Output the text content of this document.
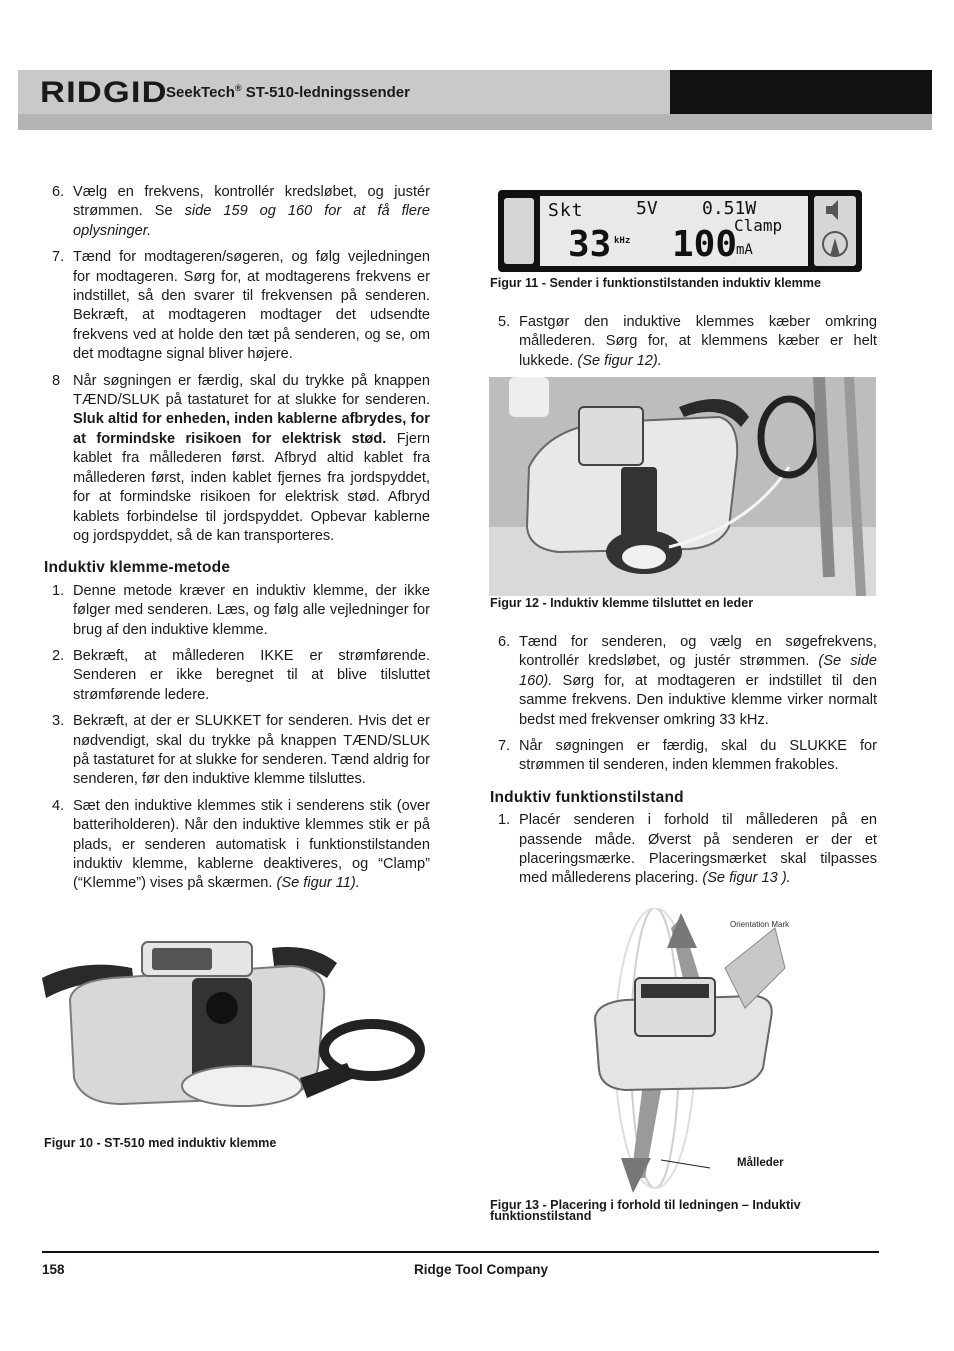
RIDGID
SeekTech® ST-510-ledningssender
6. Vælg en frekvens, kontrollér kredsløbet, og justér strømmen. Se side 159 og 160 for at få flere oplysninger.
7. Tænd for modtageren/søgeren, og følg vejledningen for modtageren. Sørg for, at modtagerens frekvens er indstillet, så den svarer til frekvensen på senderen. Bekræft, at modtageren modtager det udsendte frekvens ved at holde den tæt på senderen, og se, om det modtagne signal bliver højere.
8 Når søgningen er færdig, skal du trykke på knappen TÆND/SLUK på tastaturet for at slukke for senderen. Sluk altid for enheden, inden kablerne afbrydes, for at formindske risikoen for elektrisk stød. Fjern kablet fra mållederen først. Afbryd altid kablet fra mållederen først, inden kablet fjernes fra jordspyddet, for at formindske risikoen for elektrisk stød. Afbryd kablets forbindelse til jordspyddet. Opbevar kablerne og jordspyddet, så de kan transporteres.
Induktiv klemme-metode
1. Denne metode kræver en induktiv klemme, der ikke følger med senderen. Læs, og følg alle vejledninger for brug af den induktive klemme.
2. Bekræft, at mållederen IKKE er strømførende. Senderen er ikke beregnet til at blive tilsluttet strømførende ledere.
3. Bekræft, at der er SLUKKET for senderen. Hvis det er nødvendigt, skal du trykke på knappen TÆND/SLUK på tastaturet for at slukke for senderen. Tænd aldrig for senderen, før den induktive klemme tilsluttes.
4. Sæt den induktive klemmes stik i senderens stik (over batteriholderen). Når den induktive klemmes stik er på plads, er senderen automatisk i funktionstilstanden induktiv klemme, kablerne deaktiveres, og “Clamp” (“Klemme”) vises på skærmen. (Se figur 11).
Figur 10 - ST-510 med induktiv klemme
Skt	5V 0.51W
Clamp
33 kHz 100
mA
Figur 11 - Sender i funktionstilstanden induktiv klemme
5. Fastgør den induktive klemmes kæber omkring mållederen. Sørg for, at klemmens kæber er helt lukkede. (Se figur 12).
Figur 12 - Induktiv klemme tilsluttet en leder
6. Tænd for senderen, og vælg en søgefrekvens, kontrollér kredsløbet, og justér strømmen. (Se side 160). Sørg for, at modtageren er indstillet til den samme frekvens. Den induktive klemme virker normalt bedst med frekvenser omkring 33 kHz.
7. Når søgningen er færdig, skal du SLUKKE for strømmen til senderen, inden klemmen frakobles.
Induktiv funktionstilstand
1. Placér senderen i forhold til mållederen på en passende måde. Øverst på senderen er der et placeringsmærke. Placeringsmærket skal tilpasses med mållederens placering. (Se figur 13 ).
Orientation Mark
Målleder
Figur 13 - Placering i forhold til ledningen – Induktiv
funktionstilstand
158	Ridge Tool Company
